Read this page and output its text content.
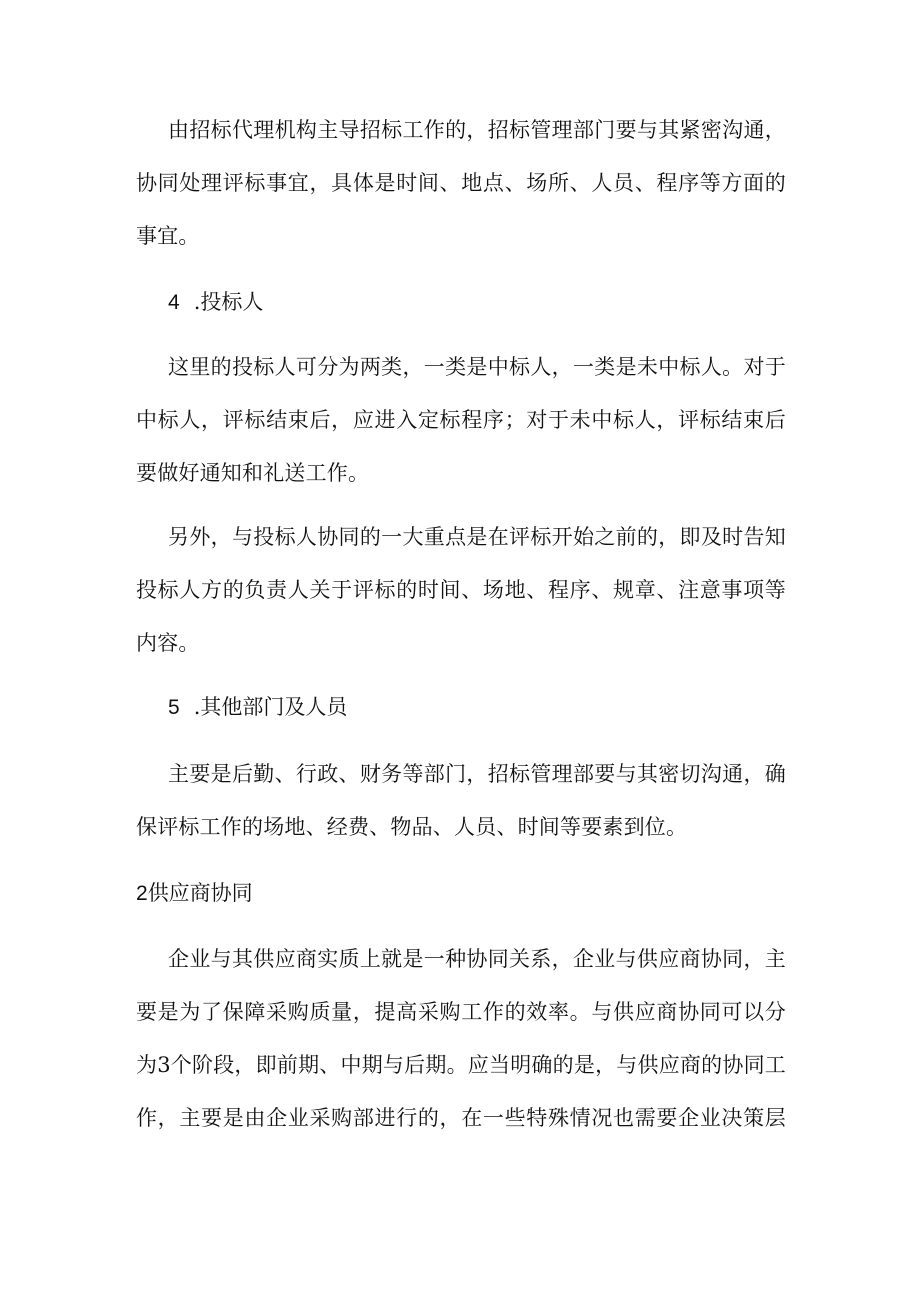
由招标代理机构主导招标工作的，招标管理部门要与其紧密沟通，
协同处理评标事宜，具体是时间、地点、场所、人员、程序等方面的
事宜。
4 .投标人
这里的投标人可分为两类，一类是中标人，一类是未中标人。对于
中标人，评标结束后，应进入定标程序；对于未中标人，评标结束后
要做好通知和礼送工作。
另外，与投标人协同的一大重点是在评标开始之前的，即及时告知
投标人方的负责人关于评标的时间、场地、程序、规章、注意事项等
内容。
5 .其他部门及人员
主要是后勤、行政、财务等部门，招标管理部要与其密切沟通，确
保评标工作的场地、经费、物品、人员、时间等要素到位。
2供应商协同
企业与其供应商实质上就是一种协同关系，企业与供应商协同，主
要是为了保障采购质量，提高采购工作的效率。与供应商协同可以分
为3个阶段，即前期、中期与后期。应当明确的是，与供应商的协同工
作，主要是由企业采购部进行的，在一些特殊情况也需要企业决策层
